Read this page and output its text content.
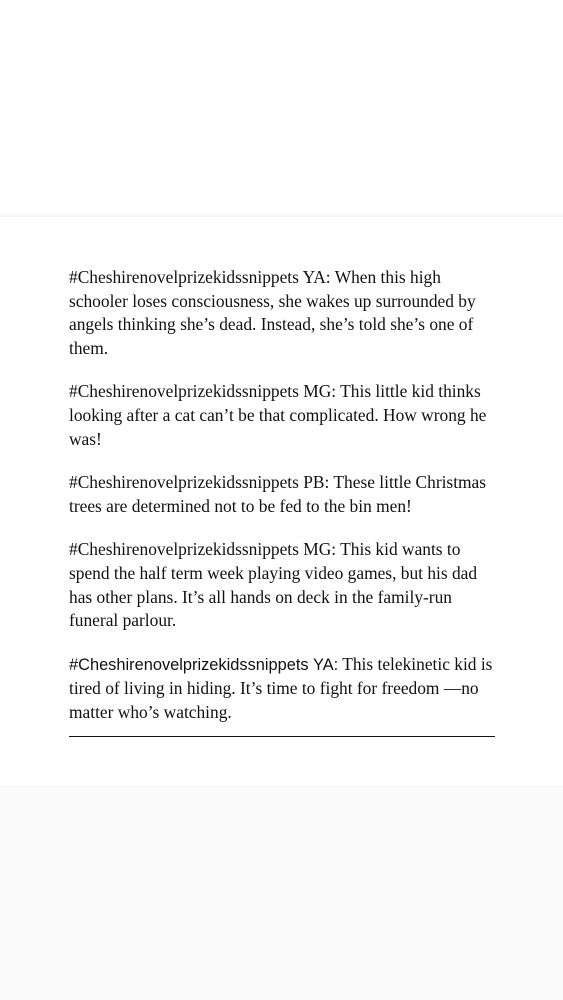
#Cheshirenovelprizekidssnippets YA: When this high schooler loses consciousness, she wakes up surrounded by angels thinking she’s dead. Instead, she’s told she’s one of them.

#Cheshirenovelprizekidssnippets MG: This little kid thinks looking after a cat can’t be that complicated. How wrong he was!

#Cheshirenovelprizekidssnippets PB: These little Christmas trees are determined not to be fed to the bin men!

#Cheshirenovelprizekidssnippets MG: This kid wants to spend the half term week playing video games, but his dad has other plans. It’s all hands on deck in the family-run funeral parlour.

#Cheshirenovelprizekidssnippets YA: This telekinetic kid is tired of living in hiding. It’s time to fight for freedom —no matter who’s watching.
